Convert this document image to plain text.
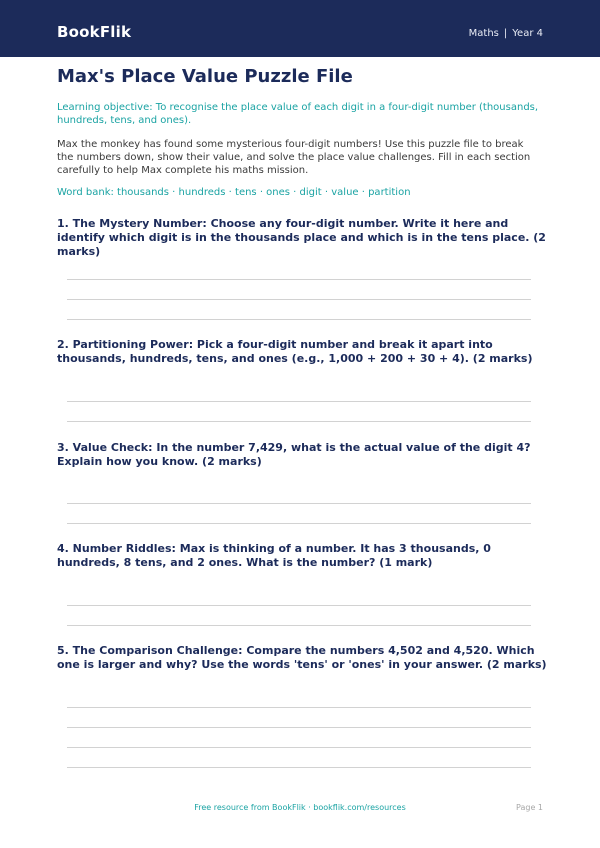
BookFlik	Maths | Year 4
Max's Place Value Puzzle File

Learning objective: To recognise the place value of each digit in a four-digit number (thousands, hundreds, tens, and ones).

Max the monkey has found some mysterious four-digit numbers! Use this puzzle file to break the numbers down, show their value, and solve the place value challenges. Fill in each section carefully to help Max complete his maths mission.

Word bank: thousands · hundreds · tens · ones · digit · value · partition

1. The Mystery Number: Choose any four-digit number. Write it here and identify which digit is in the thousands place and which is in the tens place. (2 marks)

2. Partitioning Power: Pick a four-digit number and break it apart into thousands, hundreds, tens, and ones (e.g., 1,000 + 200 + 30 + 4). (2 marks)

3. Value Check: In the number 7,429, what is the actual value of the digit 4? Explain how you know. (2 marks)

4. Number Riddles: Max is thinking of a number. It has 3 thousands, 0 hundreds, 8 tens, and 2 ones. What is the number? (1 mark)

5. The Comparison Challenge: Compare the numbers 4,502 and 4,520. Which one is larger and why? Use the words 'tens' or 'ones' in your answer. (2 marks)

Free resource from BookFlik · bookflik.com/resources	Page 1
